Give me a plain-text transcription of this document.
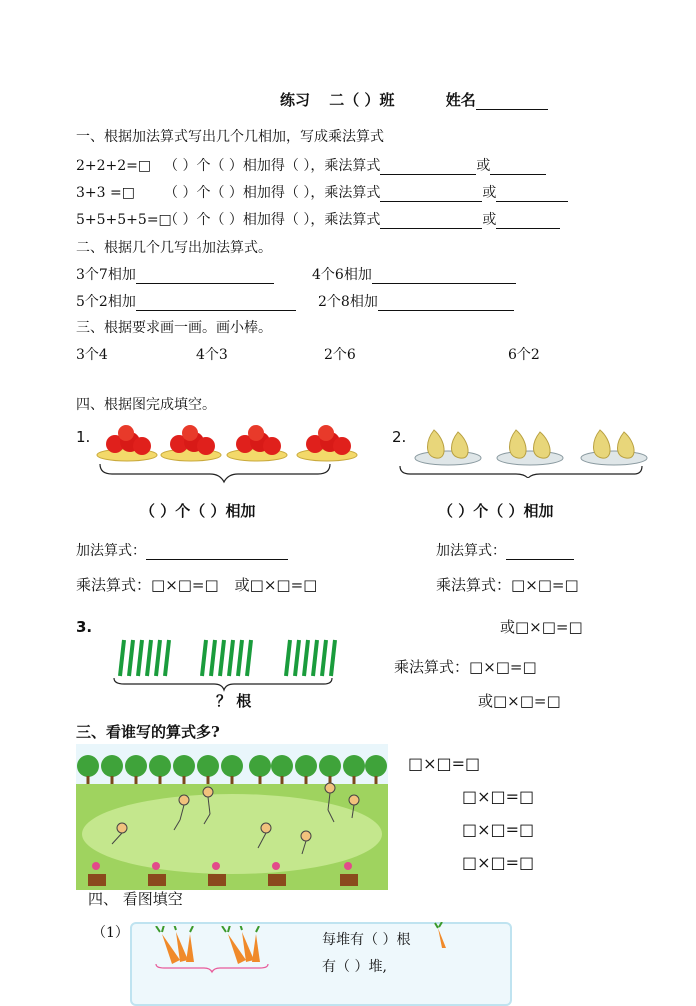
练习 二（ ）班	姓名
一、根据加法算式写出几个几相加，写成乘法算式
2+2+2=□ （ ）个（ ）相加得（ ），乘法算式	或
3+3 =□ （ ）个（ ）相加得（ ），乘法算式	或
5+5+5+5=□（ ）个（ ）相加得（ ），乘法算式	或
二、根据几个几写出加法算式。
3个7相加	4个6相加
5个2相加	2个8相加
三、根据要求画一画。画小棒。
3个4	4个3	2个6	6个2
四、根据图完成填空。
1.	2.
（ ）个（ ）相加	（ ）个（ ）相加
加法算式：	加法算式：
乘法算式：□×□=□ 或□×□=□	乘法算式：□×□=□
3.	或□×□=□
？ 根
乘法算式：□×□=□
或□×□=□
三、看谁写的算式多?
□×□=□
□×□=□
□×□=□
□×□=□
四、 看图填空
（1）	每堆有（ ）根
有（ ）堆,
